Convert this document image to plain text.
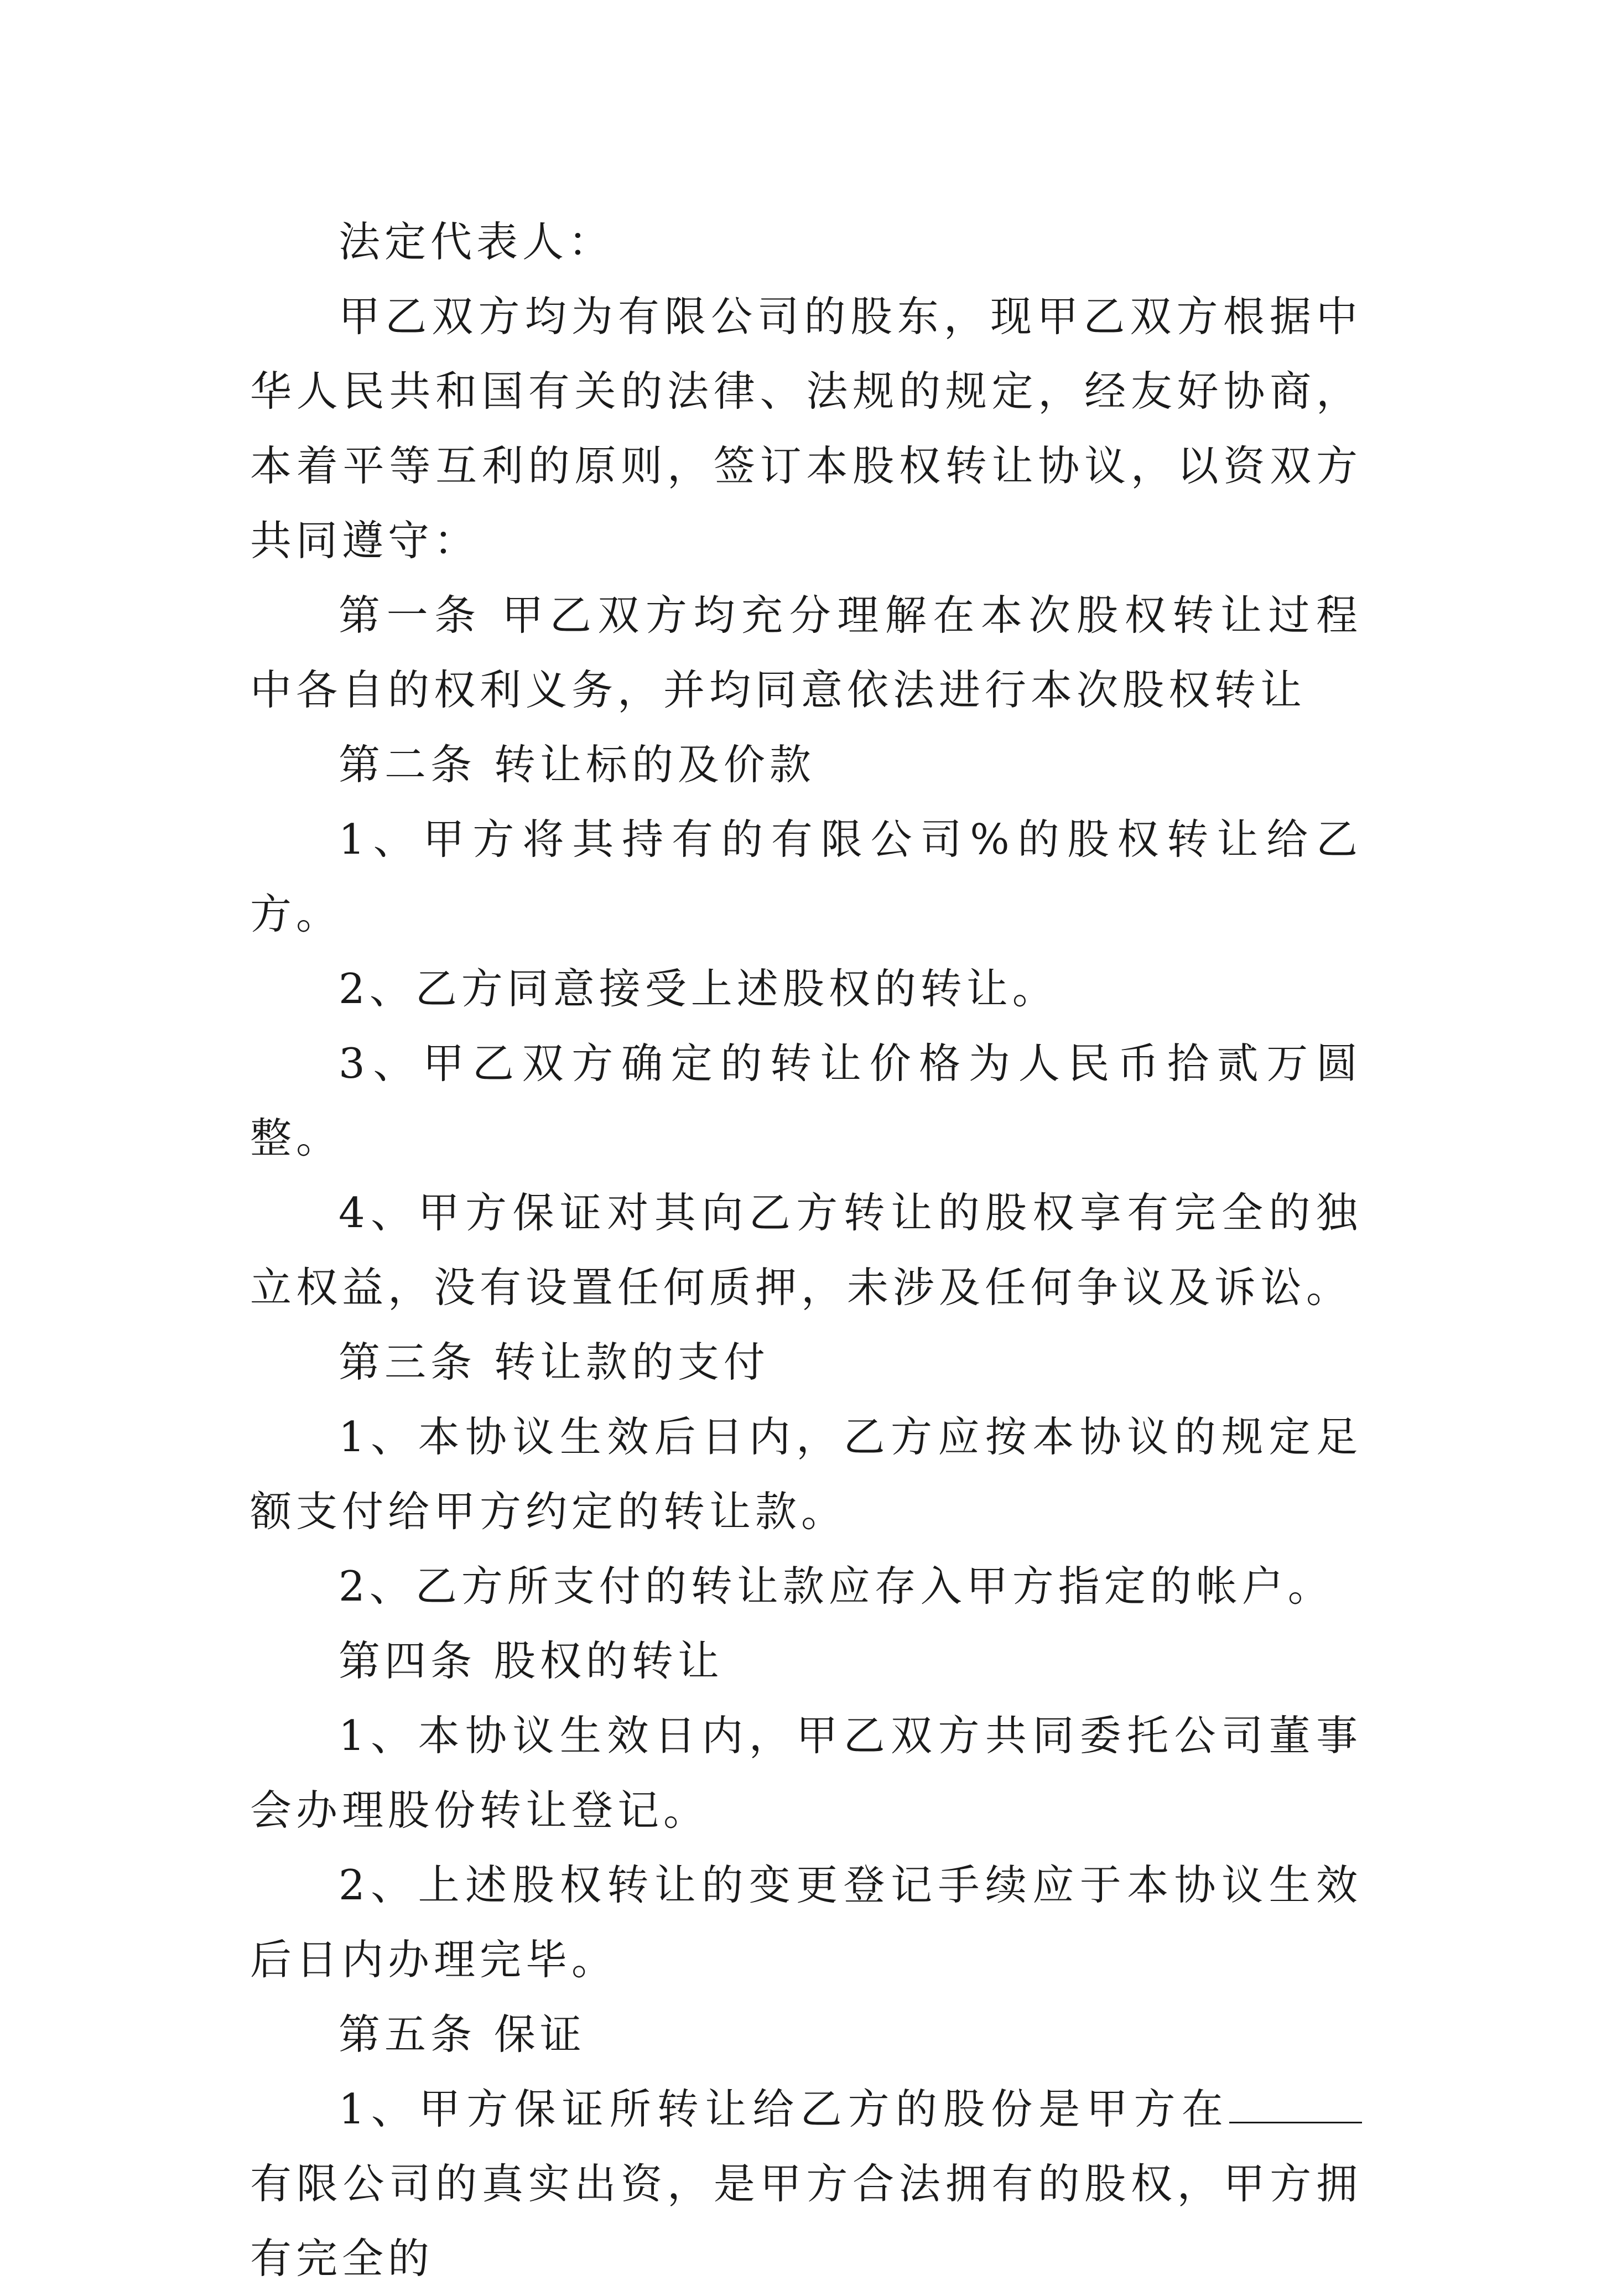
法定代表人：

甲乙双方均为有限公司的股东，现甲乙双方根据中华人民共和国有关的法律、法规的规定，经友好协商，本着平等互利的原则，签订本股权转让协议，以资双方共同遵守：

第一条 甲乙双方均充分理解在本次股权转让过程中各自的权利义务，并均同意依法进行本次股权转让

第二条 转让标的及价款

1、甲方将其持有的有限公司%的股权转让给乙方。

2、乙方同意接受上述股权的转让。

3、甲乙双方确定的转让价格为人民币拾贰万圆整。

4、甲方保证对其向乙方转让的股权享有完全的独立权益，没有设置任何质押，未涉及任何争议及诉讼。

第三条 转让款的支付

1、本协议生效后日内，乙方应按本协议的规定足额支付给甲方约定的转让款。

2、乙方所支付的转让款应存入甲方指定的帐户。

第四条 股权的转让

1、本协议生效日内，甲乙双方共同委托公司董事会办理股份转让登记。

2、上述股权转让的变更登记手续应于本协议生效后日内办理完毕。

第五条 保证

1、甲方保证所转让给乙方的股份是甲方在有限公司的真实出资，是甲方合法拥有的股权，甲方拥有完全的
